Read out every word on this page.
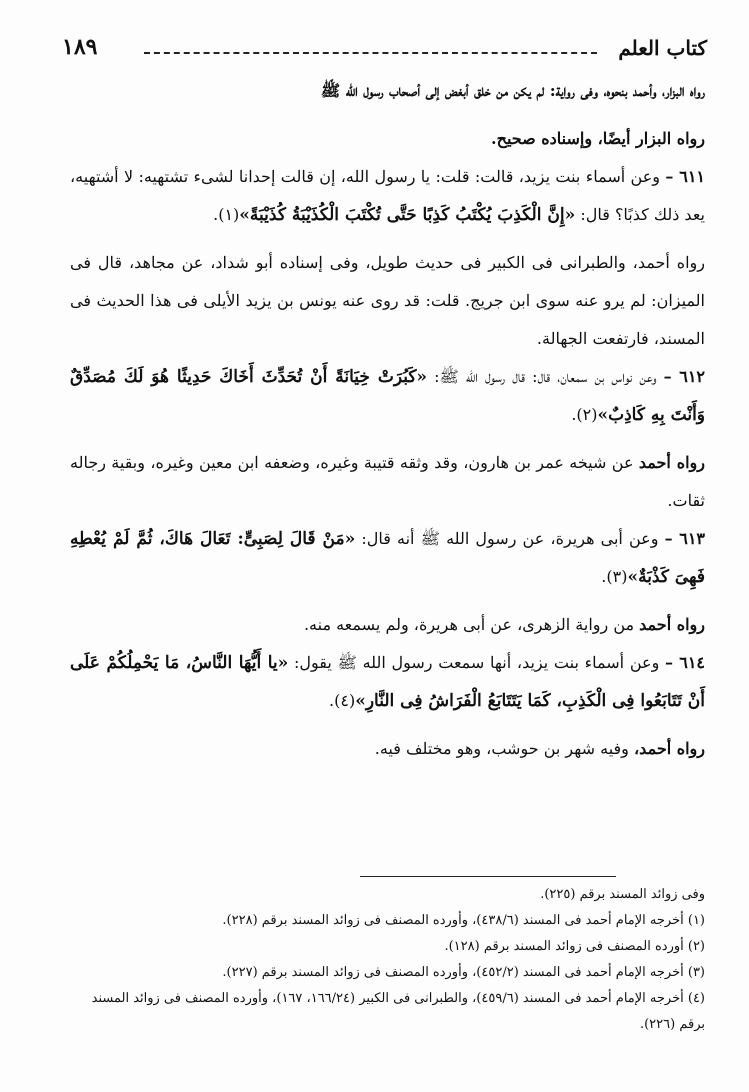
كتاب العلم
١٨٩

رواه البزار، وأحمد بنحوه، وفى رواية: لم يكن من خلق أبغض إلى أصحاب رسول الله ﷺ

رواه البزار أيضًا، وإسناده صحيح.

٦١١ – وعن أسماء بنت يزيد، قالت: قلت: يا رسول الله، إن قالت إحدانا لشىء تشتهيه: لا أشتهيه، يعد ذلك كذبًا؟ قال: «إِنَّ الْكَذِبَ يُكْتَبُ كَذِبًا حَتَّى تُكْتَبَ الْكُذَيْبَةُ كُذَيْبَةً»(١).

رواه أحمد، والطبرانى فى الكبير فى حديث طويل، وفى إسناده أبو شداد، عن مجاهد، قال فى الميزان: لم يرو عنه سوى ابن جريج. قلت: قد روى عنه يونس بن يزيد الأيلى فى هذا الحديث فى المسند، فارتفعت الجهالة.

٦١٢ – وعن نواس بن سمعان، قال: قال رسول الله ﷺ: «كَبُرَتْ خِيَانَةً أَنْ تُحَدِّثَ أَخَاكَ حَدِيثًا هُوَ لَكَ مُصَدِّقٌ وَأَنْتَ بِهِ كَاذِبٌ»(٢).

رواه أحمد عن شيخه عمر بن هارون، وقد وثقه قتيبة وغيره، وضعفه ابن معين وغيره، وبقية رجاله ثقات.

٦١٣ – وعن أبى هريرة، عن رسول الله ﷺ أنه قال: «مَنْ قَالَ لِصَبِىٍّ: تَعَالَ هَاكَ، ثُمَّ لَمْ يُعْطِهِ فَهِىَ كَذْبَةٌ»(٣).

رواه أحمد من رواية الزهرى، عن أبى هريرة، ولم يسمعه منه.

٦١٤ – وعن أسماء بنت يزيد، أنها سمعت رسول الله ﷺ يقول: «يا أَيُّهَا النَّاسُ، مَا يَحْمِلُكُمْ عَلَى أَنْ تَتَابَعُوا فِى الْكَذِبِ، كَمَا يَتَتَابَعُ الْفَرَاشُ فِى النَّارِ»(٤).

رواه أحمد، وفيه شهر بن حوشب، وهو مختلف فيه.

وفى زوائد المسند برقم (٢٢٥).

(١) أخرجه الإمام أحمد فى المسند (٤٣٨/٦)، وأورده المصنف فى زوائد المسند برقم (٢٢٨).

(٢) أورده المصنف فى زوائد المسند برقم (١٢٨).

(٣) أخرجه الإمام أحمد فى المسند (٤٥٢/٢)، وأورده المصنف فى زوائد المسند برقم (٢٢٧).

(٤) أخرجه الإمام أحمد فى المسند (٤٥٩/٦)، والطبرانى فى الكبير (١٦٦/٢٤، ١٦٧)، وأورده المصنف فى زوائد المسند برقم (٢٢٦).
